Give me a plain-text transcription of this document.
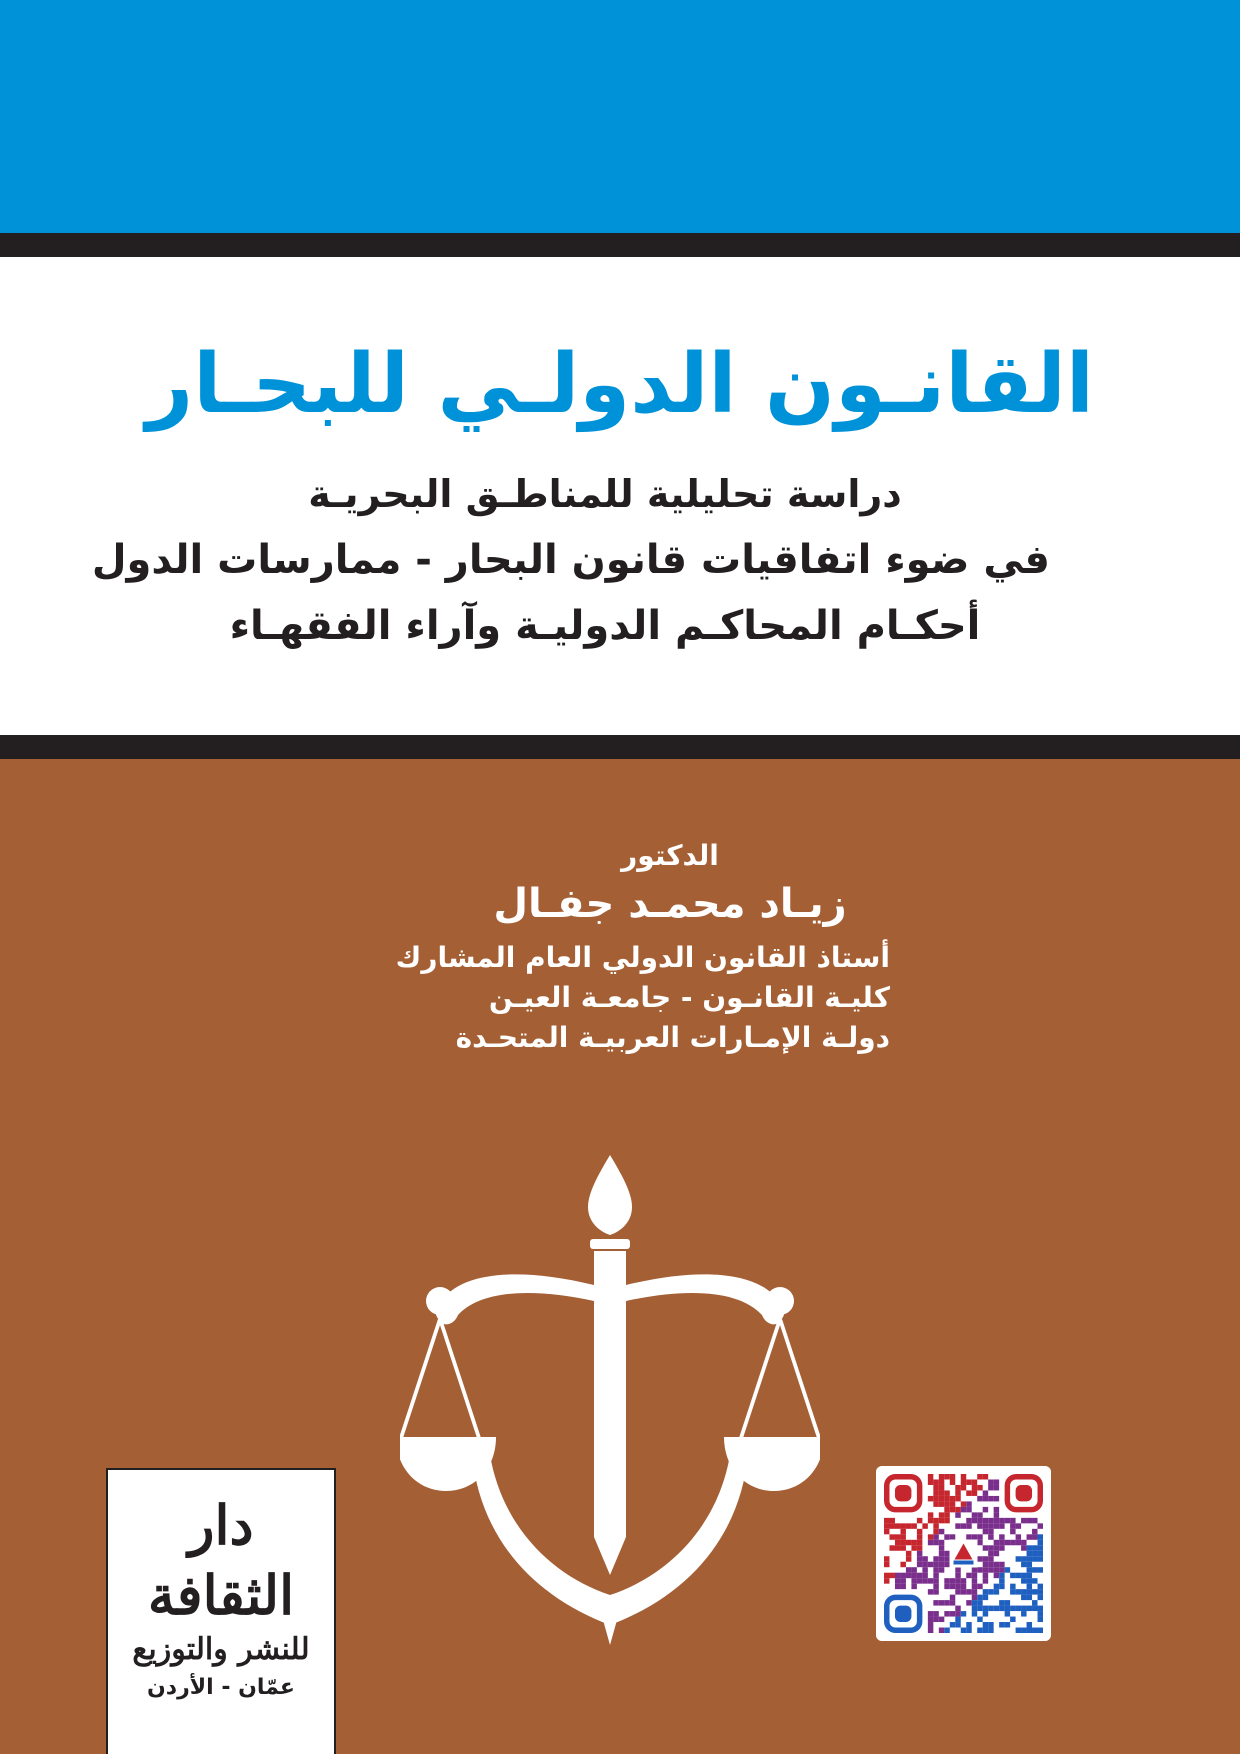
القانـون الدولـي للبحـار
دراسة تحليلية للمناطـق البحريـة
في ضوء اتفاقيات قانون البحار - ممارسات الدول
أحكـام المحاكـم الدوليـة وآراء الفقهـاء
الدكتور
زيـاد محمـد جفـال
أستاذ القانون الدولي العام المشارك
كليـة القانـون - جامعـة العيـن
دولـة الإمـارات العربيـة المتحـدة
دار الثقافة
للنشر والتوزيع
عمّان - الأردن
